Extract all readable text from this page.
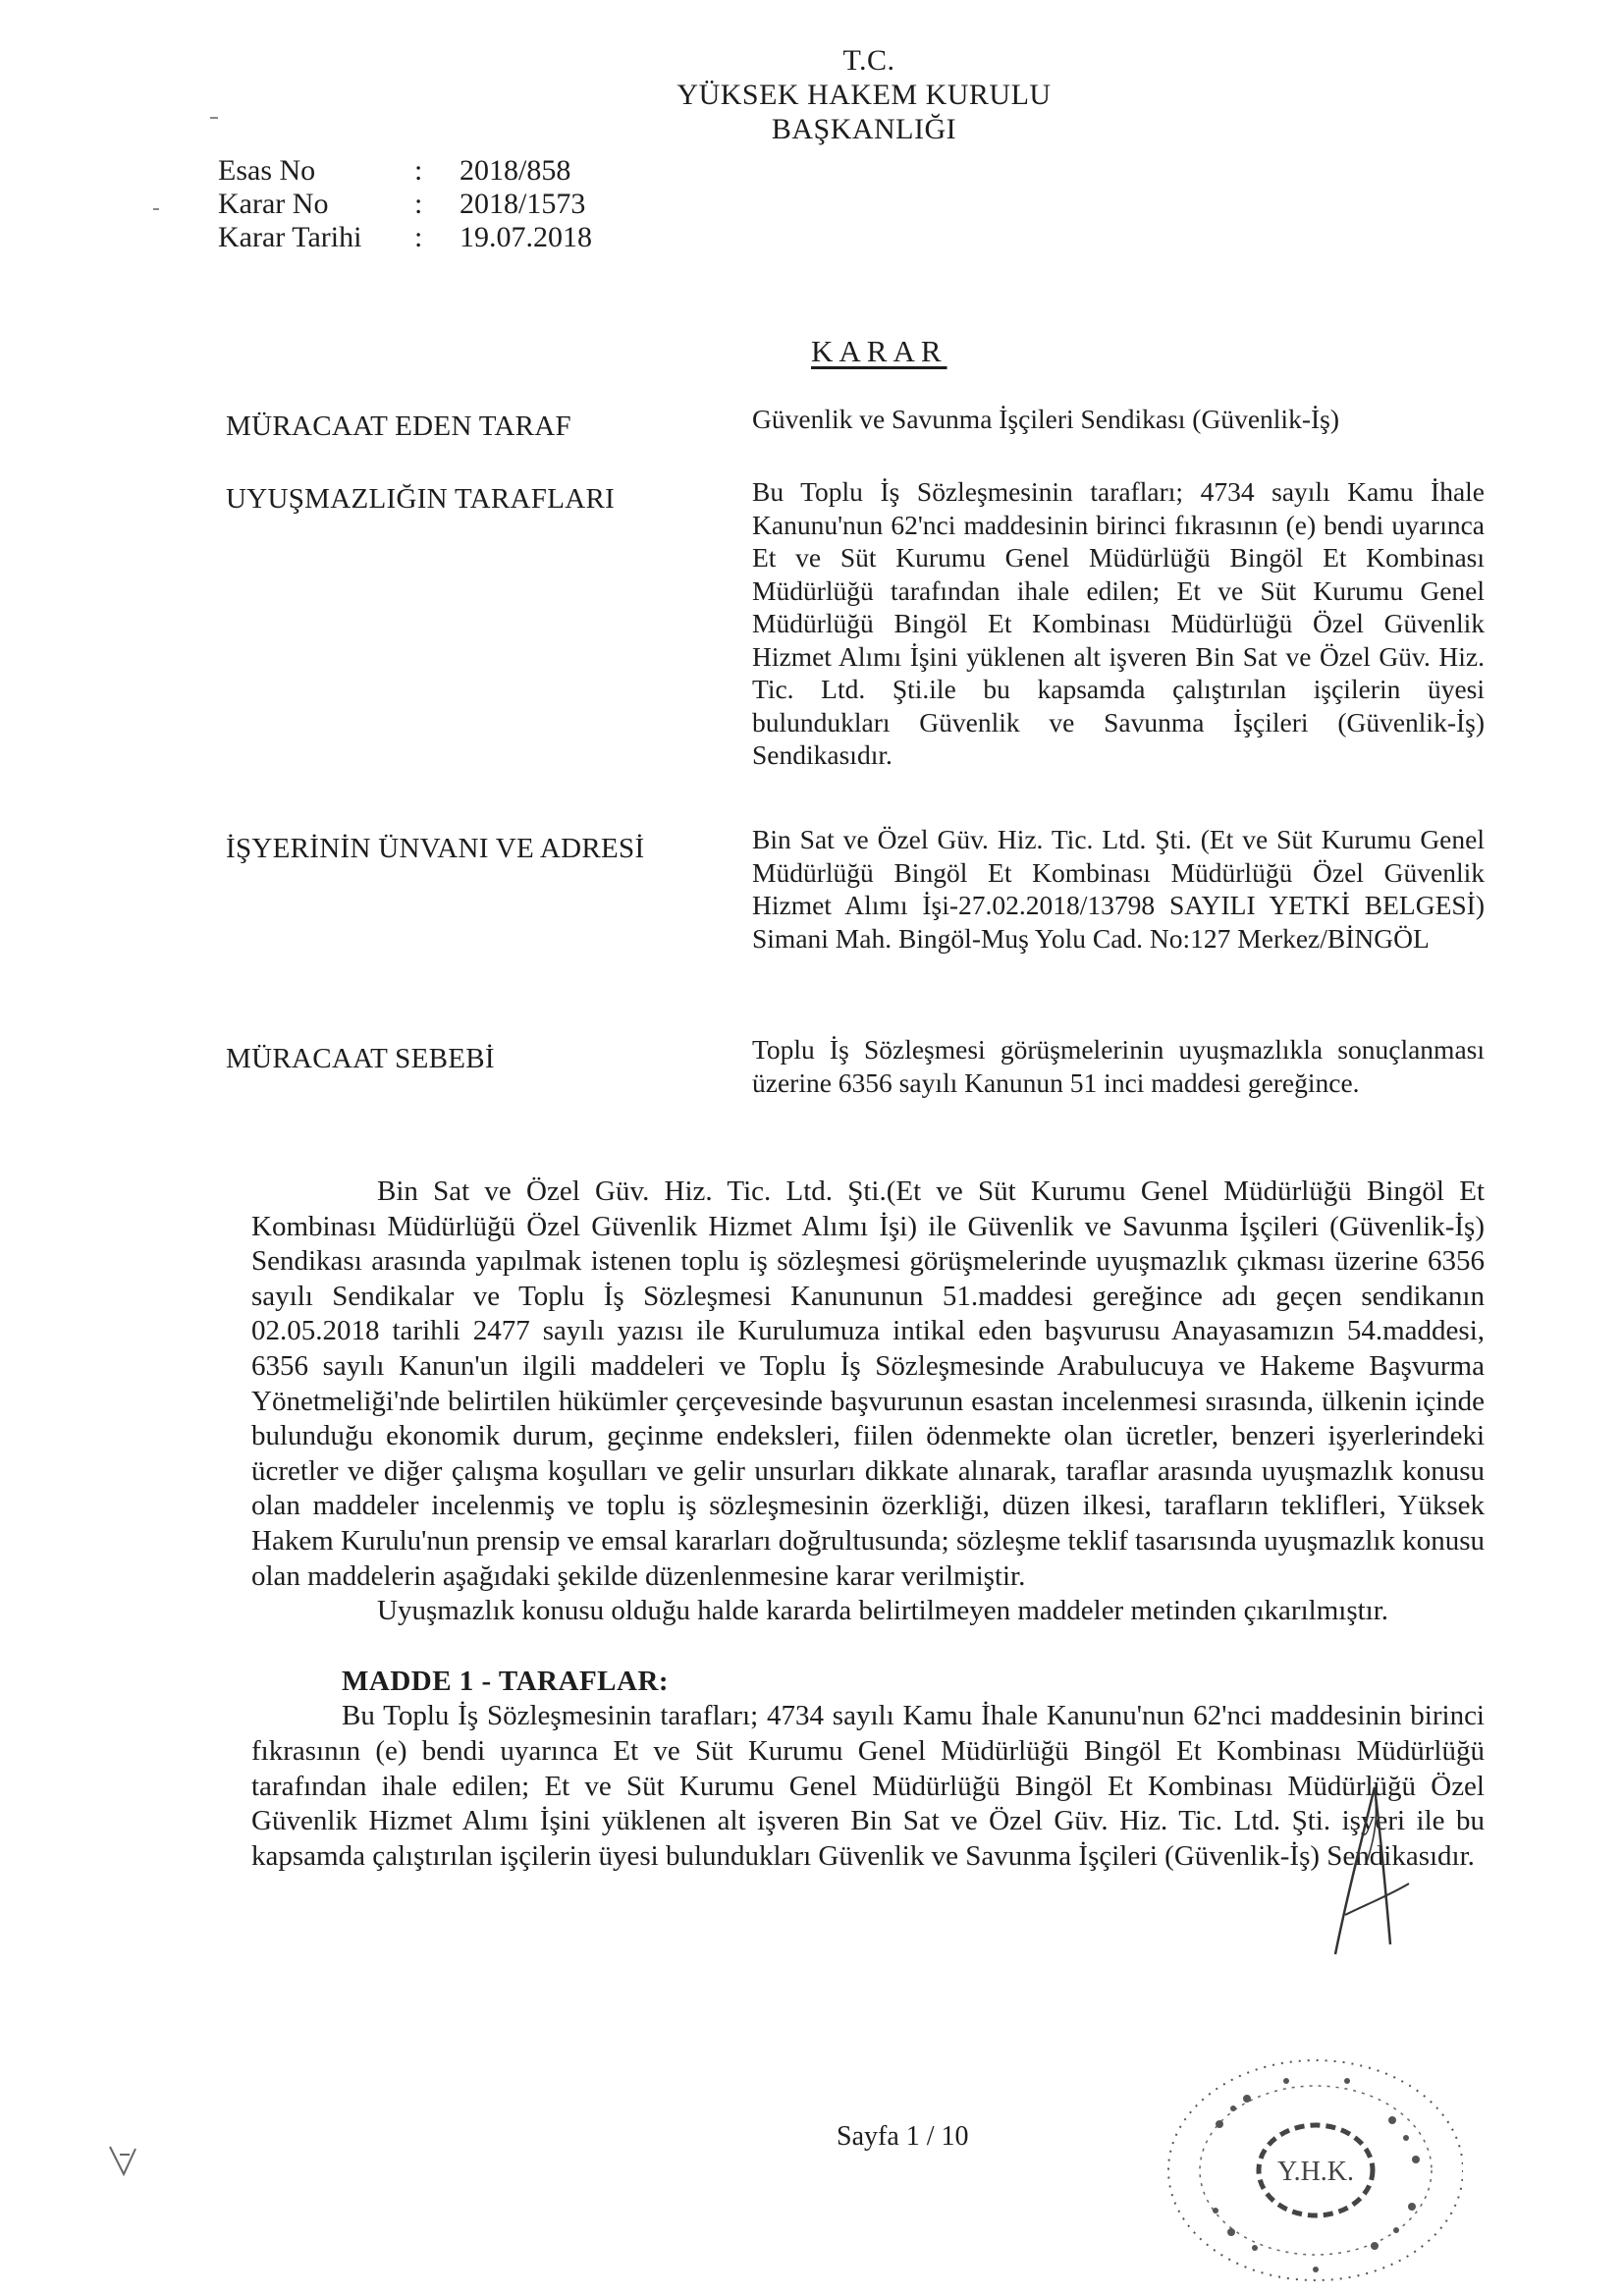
T.C.
YÜKSEK HAKEM KURULU
BAŞKANLIĞI
Esas No	:	2018/858
Karar No	:	2018/1573
Karar Tarihi	:	19.07.2018
KARAR
MÜRACAAT EDEN TARAF	Güvenlik ve Savunma İşçileri Sendikası (Güvenlik-İş)
UYUŞMAZLIĞIN TARAFLARI	Bu Toplu İş Sözleşmesinin tarafları; 4734 sayılı Kamu İhale Kanunu'nun 62'nci maddesinin birinci fıkrasının (e) bendi uyarınca Et ve Süt Kurumu Genel Müdürlüğü Bingöl Et Kombinası Müdürlüğü tarafından ihale edilen; Et ve Süt Kurumu Genel Müdürlüğü Bingöl Et Kombinası Müdürlüğü Özel Güvenlik Hizmet Alımı İşini yüklenen alt işveren Bin Sat ve Özel Güv. Hiz. Tic. Ltd. Şti.ile bu kapsamda çalıştırılan işçilerin üyesi bulundukları Güvenlik ve Savunma İşçileri (Güvenlik-İş) Sendikasıdır.
İŞYERİNİN ÜNVANI VE ADRESİ	Bin Sat ve Özel Güv. Hiz. Tic. Ltd. Şti. (Et ve Süt Kurumu Genel Müdürlüğü Bingöl Et Kombinası Müdürlüğü Özel Güvenlik Hizmet Alımı İşi-27.02.2018/13798 SAYILI YETKİ BELGESİ) Simani Mah. Bingöl-Muş Yolu Cad. No:127 Merkez/BİNGÖL
MÜRACAAT SEBEBİ	Toplu İş Sözleşmesi görüşmelerinin uyuşmazlıkla sonuçlanması üzerine 6356 sayılı Kanunun 51 inci maddesi gereğince.

Bin Sat ve Özel Güv. Hiz. Tic. Ltd. Şti.(Et ve Süt Kurumu Genel Müdürlüğü Bingöl Et Kombinası Müdürlüğü Özel Güvenlik Hizmet Alımı İşi) ile Güvenlik ve Savunma İşçileri (Güvenlik-İş) Sendikası arasında yapılmak istenen toplu iş sözleşmesi görüşmelerinde uyuşmazlık çıkması üzerine 6356 sayılı Sendikalar ve Toplu İş Sözleşmesi Kanununun 51.maddesi gereğince adı geçen sendikanın 02.05.2018 tarihli 2477 sayılı yazısı ile Kurulumuza intikal eden başvurusu Anayasamızın 54.maddesi, 6356 sayılı Kanun'un ilgili maddeleri ve Toplu İş Sözleşmesinde Arabulucuya ve Hakeme Başvurma Yönetmeliği'nde belirtilen hükümler çerçevesinde başvurunun esastan incelenmesi sırasında, ülkenin içinde bulunduğu ekonomik durum, geçinme endeksleri, fiilen ödenmekte olan ücretler, benzeri işyerlerindeki ücretler ve diğer çalışma koşulları ve gelir unsurları dikkate alınarak, taraflar arasında uyuşmazlık konusu olan maddeler incelenmiş ve toplu iş sözleşmesinin özerkliği, düzen ilkesi, tarafların teklifleri, Yüksek Hakem Kurulu'nun prensip ve emsal kararları doğrultusunda; sözleşme teklif tasarısında uyuşmazlık konusu olan maddelerin aşağıdaki şekilde düzenlenmesine karar verilmiştir.

Uyuşmazlık konusu olduğu halde kararda belirtilmeyen maddeler metinden çıkarılmıştır.

MADDE 1 - TARAFLAR:

Bu Toplu İş Sözleşmesinin tarafları; 4734 sayılı Kamu İhale Kanunu'nun 62'nci maddesinin birinci fıkrasının (e) bendi uyarınca Et ve Süt Kurumu Genel Müdürlüğü Bingöl Et Kombinası Müdürlüğü tarafından ihale edilen; Et ve Süt Kurumu Genel Müdürlüğü Bingöl Et Kombinası Müdürlüğü Özel Güvenlik Hizmet Alımı İşini yüklenen alt işveren Bin Sat ve Özel Güv. Hiz. Tic. Ltd. Şti. işyeri ile bu kapsamda çalıştırılan işçilerin üyesi bulundukları Güvenlik ve Savunma İşçileri (Güvenlik-İş) Sendikasıdır.

Y.H.K.
Sayfa 1 / 10
